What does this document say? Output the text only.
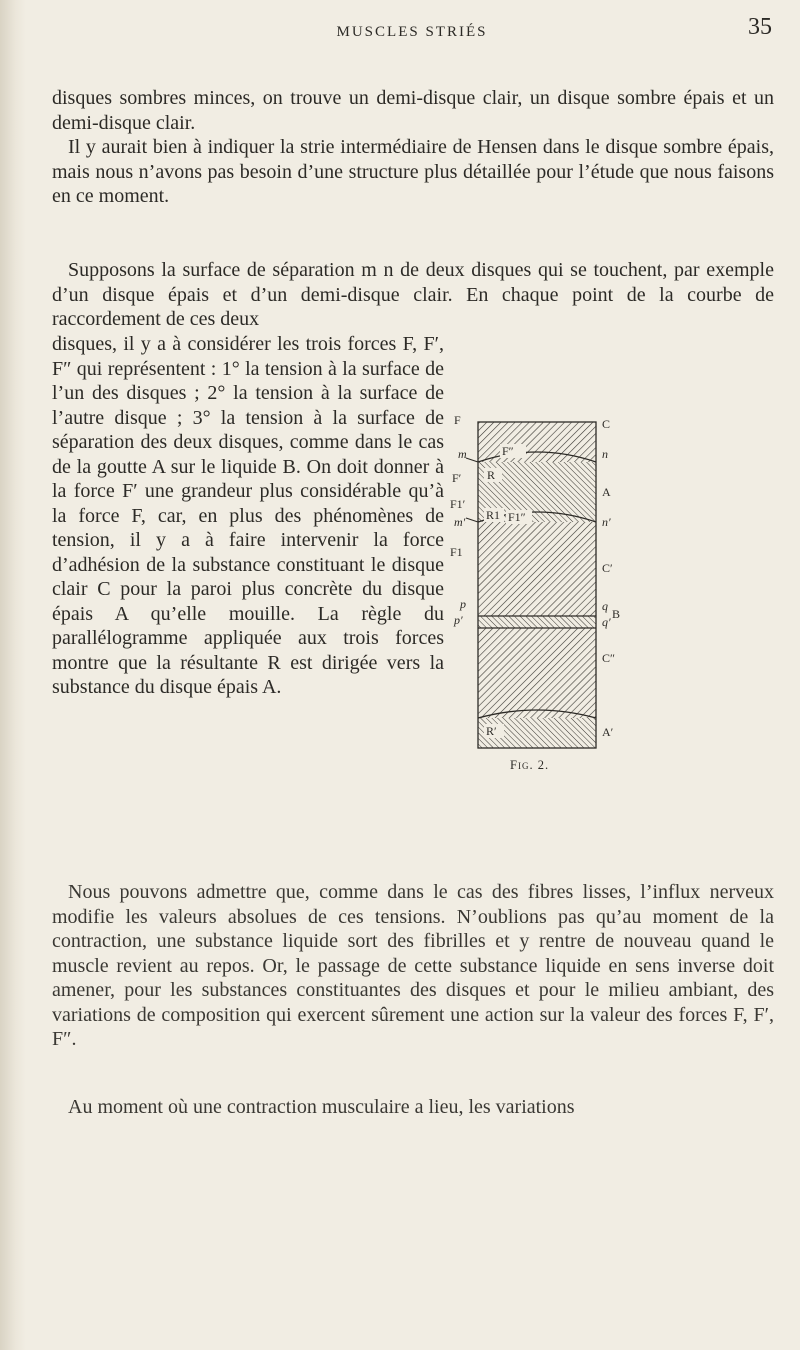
MUSCLES STRIÉS	35

disques sombres minces, on trouve un demi-disque clair, un disque sombre épais et un demi-disque clair.

Il y aurait bien à indiquer la strie intermédiaire de Hensen dans le disque sombre épais, mais nous n’avons pas besoin d’une structure plus détaillée pour l’étude que nous faisons en ce moment.

Supposons la surface de séparation m n de deux disques qui se touchent, par exemple d’un disque épais et d’un demi-disque clair. En chaque point de la courbe de raccordement de ces deux

disques, il y a à considérer les trois forces F, F′, F″ qui représentent : 1° la tension à la surface de l’un des disques ; 2° la tension à la surface de l’autre disque ; 3° la tension à la surface de séparation des deux disques, comme dans le cas de la goutte A sur le liquide B. On doit donner à la force F′ une grandeur plus considérable qu’à la force F, car, en plus des phénomènes de tension, il y a à faire intervenir la force d’adhésion de la substance constituant le disque clair C pour la paroi plus concrète du disque épais A qu’elle mouille. La règle du parallélogramme appliquée aux trois forces montre que la résultante R est dirigée vers la substance du disque épais A.

Nous pouvons admettre que, comme dans le cas des fibres lisses, l’influx nerveux modifie les valeurs absolues de ces tensions. N’oublions pas qu’au moment de la contraction, une substance liquide sort des fibrilles et y rentre de nouveau quand le muscle revient au repos. Or, le passage de cette substance liquide en sens inverse doit amener, pour les substances constituantes des disques et pour le milieu ambiant, des variations de composition qui exercent sûrement une action sur la valeur des forces F, F′, F″.

Au moment où une contraction musculaire a lieu, les variations

F
m
F′
F1′
m′
F1
p
p′
C
n
A
n′
C′
q
q′
B
C″
A′
F″
R
R1 F1″
R′
Fig. 2.
